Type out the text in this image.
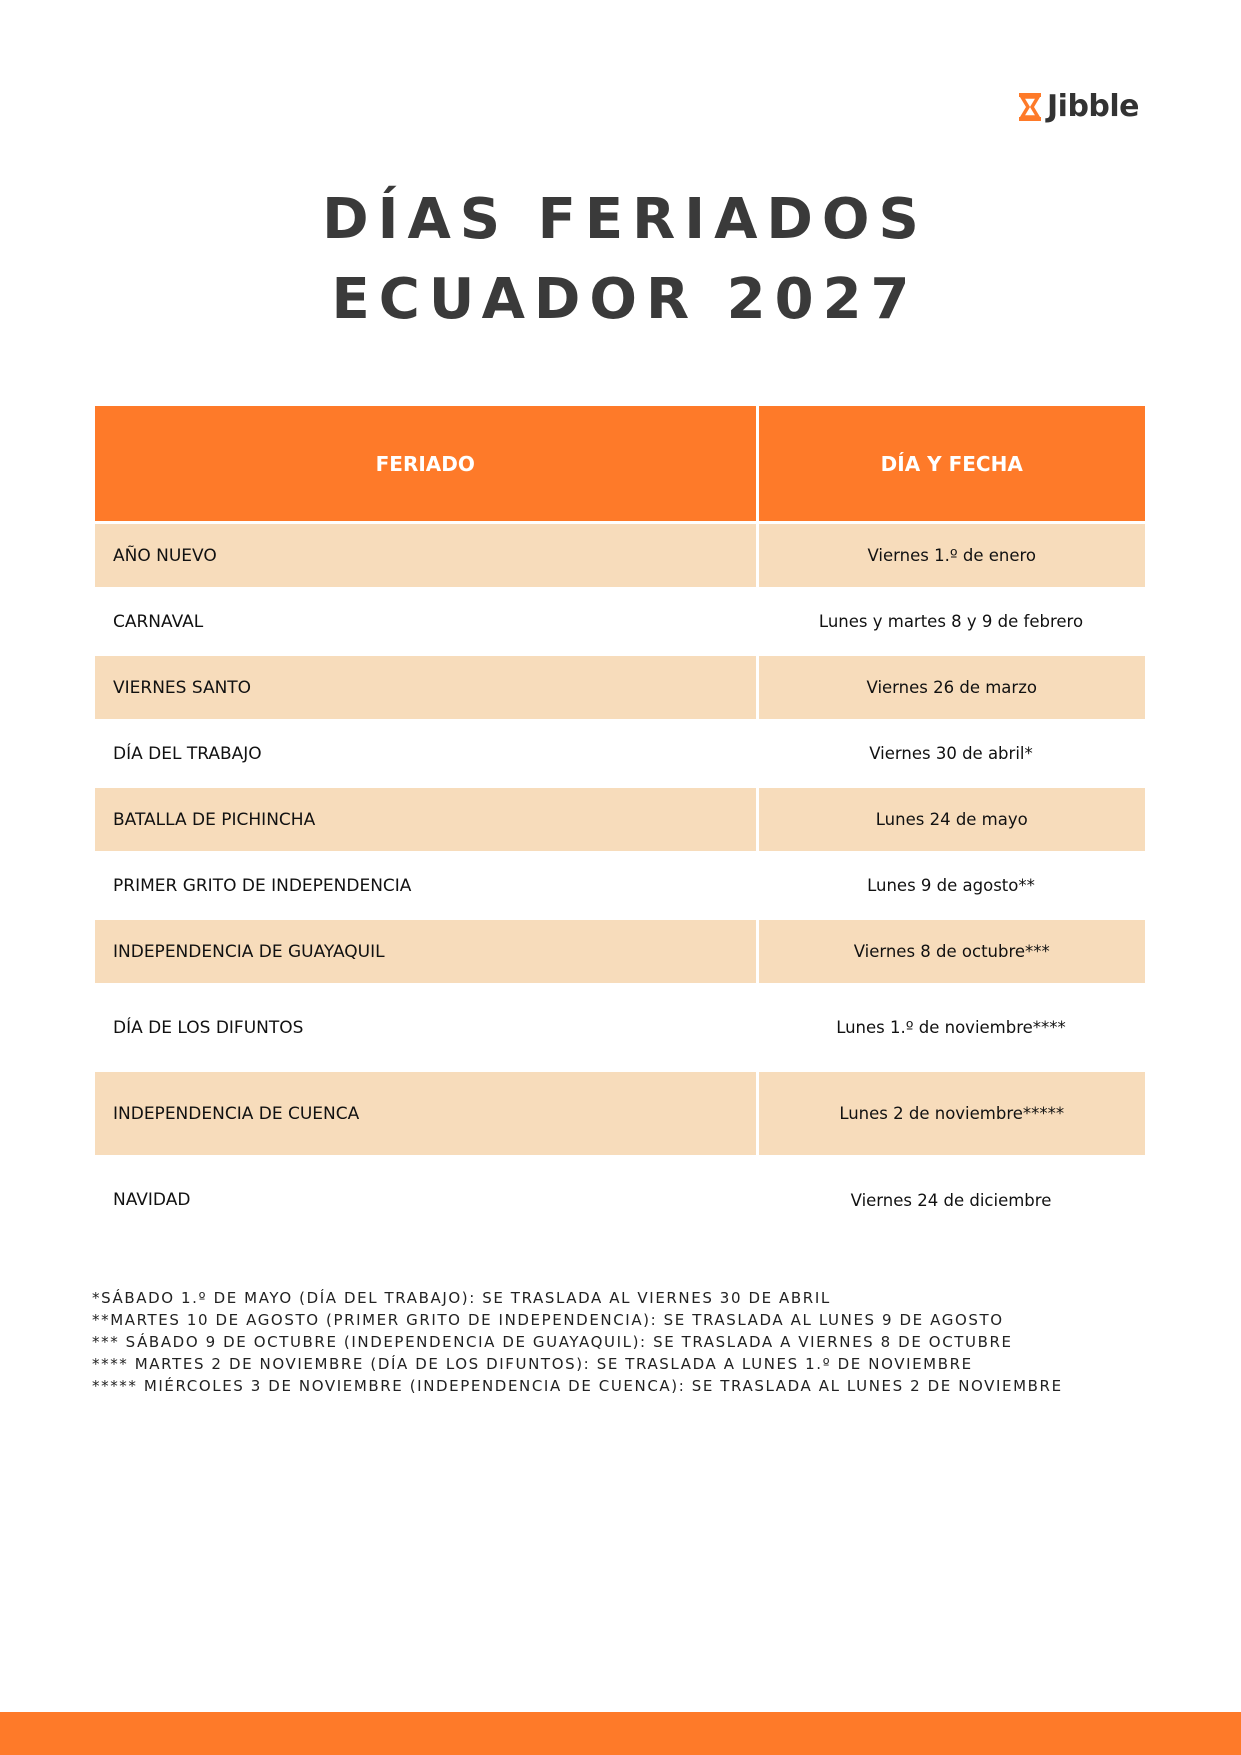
Jibble
DÍAS FERIADOS
ECUADOR 2027
FERIADO	DÍA Y FECHA
AÑO NUEVO	Viernes 1.º de enero
CARNAVAL	Lunes y martes 8 y 9 de febrero
VIERNES SANTO	Viernes 26 de marzo
DÍA DEL TRABAJO	Viernes 30 de abril*
BATALLA DE PICHINCHA	Lunes 24 de mayo
PRIMER GRITO DE INDEPENDENCIA	Lunes 9 de agosto**
INDEPENDENCIA DE GUAYAQUIL	Viernes 8 de octubre***
DÍA DE LOS DIFUNTOS	Lunes 1.º de noviembre****
INDEPENDENCIA DE CUENCA	Lunes 2 de noviembre*****
NAVIDAD	Viernes 24 de diciembre
*SÁBADO 1.º DE MAYO (DÍA DEL TRABAJO): SE TRASLADA AL VIERNES 30 DE ABRIL
**MARTES 10 DE AGOSTO (PRIMER GRITO DE INDEPENDENCIA): SE TRASLADA AL LUNES 9 DE AGOSTO
*** SÁBADO 9 DE OCTUBRE (INDEPENDENCIA DE GUAYAQUIL): SE TRASLADA A VIERNES 8 DE OCTUBRE
**** MARTES 2 DE NOVIEMBRE (DÍA DE LOS DIFUNTOS): SE TRASLADA A LUNES 1.º DE NOVIEMBRE
***** MIÉRCOLES 3 DE NOVIEMBRE (INDEPENDENCIA DE CUENCA): SE TRASLADA AL LUNES 2 DE NOVIEMBRE
